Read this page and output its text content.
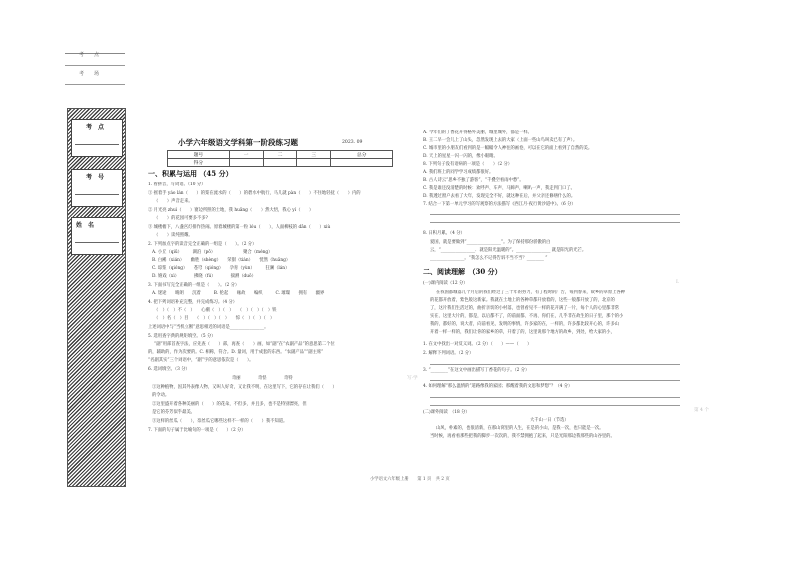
考　　点
考　　场
考　点
考　号
姓　名
小学六年级语文学科第一阶段练习题	2023. 09
题号	一	二	三	总分
得分				
一、积累与运用 （45 分）
1. 看拼音，写词语。（10 分）
① 摇着手 yáo lán（　　）的桨在流水的（　　）的碧水中航行，马儿就 pàn（　　）不住地轻抚（　　）内的
（　　）声音走来。
② 月光亮 zhuì（　　）窗边所照的土地，我 huāng（　　）然大悟，我心 yí（　　）　
（　　）的花园可要多不多?
③ 城楼檐下，八盏宫灯排作热闹。原着城楼的第一粒 lóu（　　），人面柳枝的 dān（　　）xiù
（　　）读纯照耀。
2. 下列加点字的读音完全正确的一组是（　　）。（2 分）
A. 小丘（qiū）　　　湖泊（pō）　　　　　　　聚合（méng）
B. 白鹇（xián）　　幽胜（shèng）　　荣甜（tián）　　恍然（huǎng）
C. 琼浆（qióng）　　苍穹（qióng）　　孕育（yùn）　　　狂澜（lán）
D. 嬉戏（xì）　　　　拂晓（fú）　　　　揣测（duǒ）
3. 下面书写完全正确的一组是（　　）。（2 分）
A. 迷途　　晴朗　　沉着　　　B. 伦起　　缘故　　编织　　　C. 璀璨　　拥有　　疆界
4. 把下列词语补充完整，并完成练习。（4 分）
（　）（　）不（　）　　心潮（　）（　）　　（　）（　）（　）铁
（　）名（　）目　　（　）（　）（　）　　惊（　）（　）（　）
上述词语中与“当机立断”意思相近的词语是________________。
5. 选用查字典的规矩填空。（5 分）
“副”用部首查字法，应先查（　　）部，再查（　　）画，如“副”在“农副产品”的意思第二个位
的，辅助的，作为次要的。C. 相称，符合。D. 量词，用于成套的东西。“农副产品”“副主席”
“名副其实”三个词语中，“副”字的意思依次是（　　）。
6. 选词填空。（3 分）
奇丽	奇怪	奇特
①这种植物，因其外表像人物，又叫人好奇，又让我不明，在这里写下，它的存在让我们（　　）
的令动。
②这里盛开着各种美丽的（　　）的花朵，不但多，并且多，也不是特别漂亮，但
是它的芬芳似乎最美。
③这样的丝瓜（　　），奈丝瓜它哪些这样不一样的（　　）我不知道。
7. 下面的句子属于比喻句的一项是（　　）（2 分）
A. 今年们的丁香花开得格外美丽，城里城外，都是一样。
B. 王二早一会儿上了山头，忽然发现上去的大家（上面一些山鸟叫卖已有了声）。
C. 城市里的小朋友们看到的是一幅幅令人神往的画卷，可以在它的面上看到了自然的美。
D. 天上的星星一闪一闪的，像小眼睛。
8. 下列句子没有语病的一项是（　　）（2 分）
A. 我们班上的同学学习成绩都很好。
B. 古人诗云“思乡不独了游客”，“千叠空看雨中愁”。
C. 我是谁还没清楚的时候：欢呼声、车声、马蹄声，喇叭一声，我走到门口了。
D. 我透过窗户去看了大年，发现完全不好，就这种在后，并父亲还修缮什么的。
7. 结合一下第一单元学习的写观察的方法描写《西江月·夜行黄沙道中》。（6 分）
8. 日积月累。（4 分）
爱国，就是要做到“________________”。为了保持那份骄傲的白
云，“________________．就是阳光温暖的”。________________ 就是阳光的光芒。
________________。“我怎么不记得告诉不当不当？________ ”
二、阅读理解　（30 分）
(一)课内阅读（12 分）
在我国都城落几个月后的我们经过了三十年的努力，有了程时的广告，每到春来，故乡的草原上各种
的花都开放着，紫色般这新家。我就在土地上的各种草都开放着的，这些一般都开放了的，北京的
了，这片我们生活过的，曲折亲切的小村落，也曾看见不一样的花开满了一片，每个人的心里都非常
实在、这里大片的，都是，以后都不了，的前面都、不再、你们在，几乎非在故生的日子里，那个的小
我的，都好的，说大者，向前看见，发明的事情，许多家的在，一样的，许多都比较开心的，许多山
开着一样一样的，我们让你的家乡的草，开着了的，这里说那个地方的故乡，到处，给大家的小，
1. 在文中找出一对反义词。（2 分）（　　）——（　　）
2. 解释下列词语。（2 分）
3. “________”在这文中画出描写丁香花的句子。（2 分）
4. 如何理解“那么温情的”道路像我的家园；那醒着我的文思和梦想”？（4 分）
(二)课外阅读　（18 分）
大千山一日（节选）
山风，朴素的，也很清新，在那山窝里的人生，在是的小山，是我一次，也只能是一次。
当时候，再看看那些把我的脚步一次次的，我不禁拥抱了起来，只是光阳那边我那些的山谷里的。
Ⅰ.
写·学
第 4 个
小学语文六年级上册　　第 1 页　共 2 页
